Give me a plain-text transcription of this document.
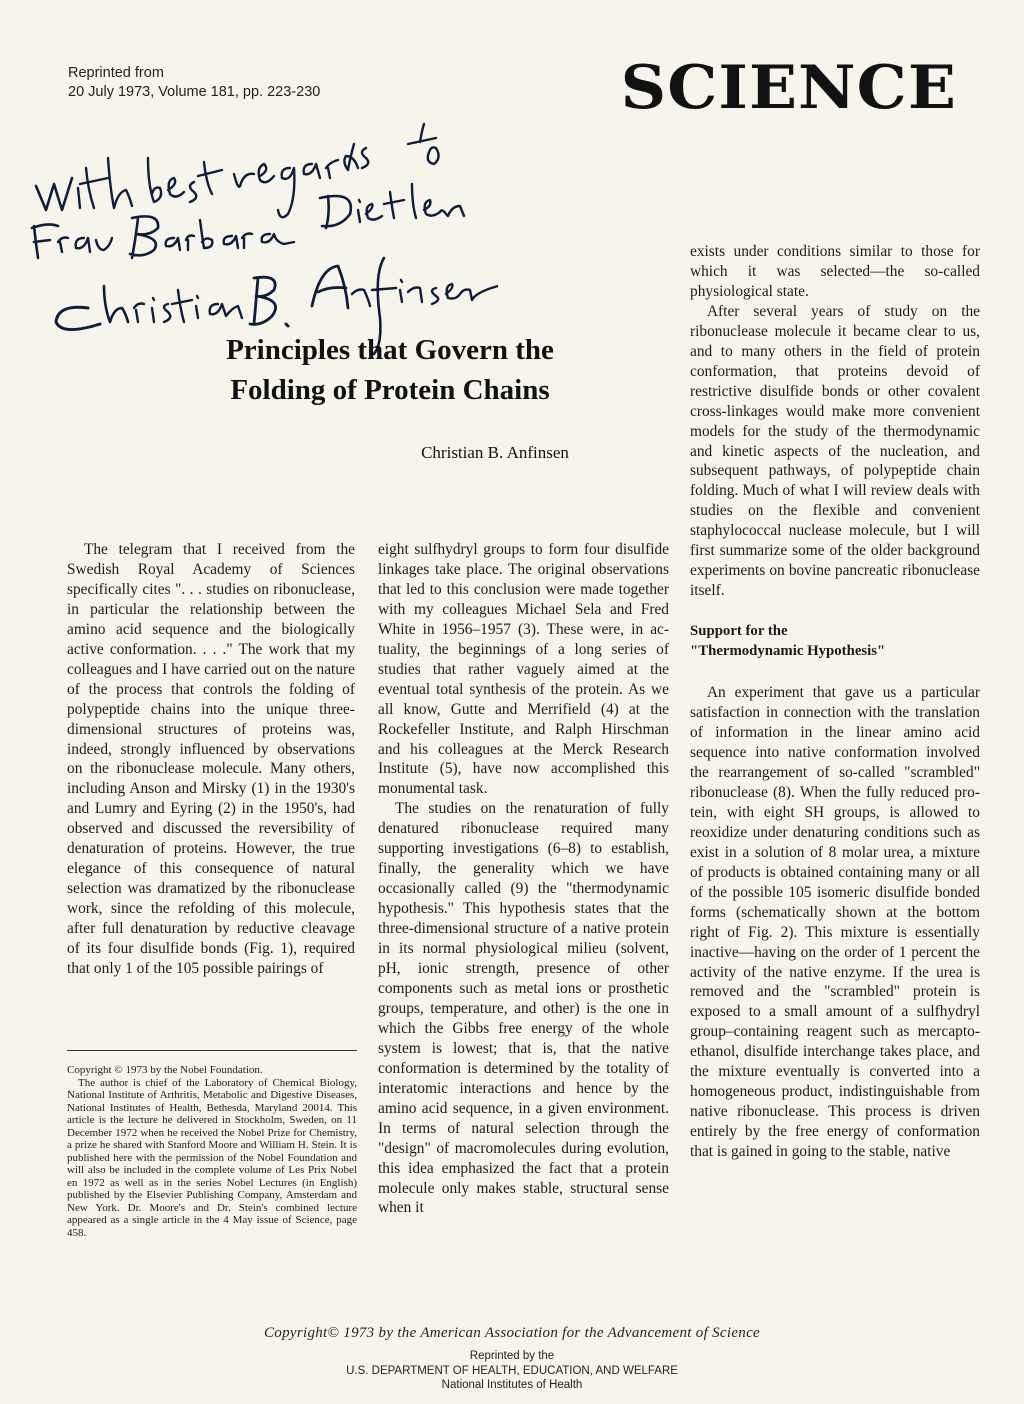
Reprinted from
20 July 1973, Volume 181, pp. 223-230	SCIENCE
Principles that Govern the
Folding of Protein Chains
Christian B. Anfinsen

The telegram that I received from the Swedish Royal Academy of Sciences specifically cites ". . . studies on ribonuclease, in particular the relationship between the amino acid sequence and the biologically active conformation. . . ." The work that my colleagues and I have carried out on the nature of the process that controls the folding of polypeptide chains into the unique three-dimensional structures of proteins was, indeed, strongly influenced by observations on the ribonuclease molecule. Many others, including Anson and Mirsky (1) in the 1930's and Lumry and Eyring (2) in the 1950's, had observed and discussed the reversibility of denaturation of proteins. However, the true elegance of this consequence of natural selection was dramatized by the ribonuclease work, since the refolding of this molecule, after full denaturation by reductive cleavage of its four disulfide bonds (Fig. 1), required that only 1 of the 105 possible pairings of

eight sulfhydryl groups to form four disulfide linkages take place. The original observations that led to this conclusion were made together with my colleagues Michael Sela and Fred White in 1956–1957 (3). These were, in actuality, the beginnings of a long series of studies that rather vaguely aimed at the eventual total synthesis of the protein. As we all know, Gutte and Merrifield (4) at the Rockefeller Institute, and Ralph Hirschman and his colleagues at the Merck Research Institute (5), have now accomplished this monumental task.

The studies on the renaturation of fully denatured ribonuclease required many supporting investigations (6–8) to establish, finally, the generality which we have occasionally called (9) the "thermodynamic hypothesis." This hypothesis states that the three-dimensional structure of a native protein in its normal physiological milieu (solvent, pH, ionic strength, presence of other components such as metal ions or prosthetic groups, temperature, and other) is the one in which the Gibbs free energy of the whole system is lowest; that is, that the native conformation is determined by the totality of interatomic interactions and hence by the amino acid sequence, in a given environment. In terms of natural selection through the "design" of macromolecules during evolution, this idea emphasized the fact that a protein molecule only makes stable, structural sense when it

exists under conditions similar to those for which it was selected—the so-called physiological state.

After several years of study on the ribonuclease molecule it became clear to us, and to many others in the field of protein conformation, that proteins devoid of restrictive disulfide bonds or other covalent cross-linkages would make more convenient models for the study of the thermodynamic and kinetic aspects of the nucleation, and subsequent pathways, of polypeptide chain folding. Much of what I will review deals with studies on the flexible and convenient staphylococcal nuclease molecule, but I will first summarize some of the older background experiments on bovine pancreatic ribonuclease itself.

Support for the
"Thermodynamic Hypothesis"

An experiment that gave us a particular satisfaction in connection with the translation of information in the linear amino acid sequence into native conformation involved the rearrangement of so-called "scrambled" ribonuclease (8). When the fully reduced protein, with eight SH groups, is allowed to reoxidize under denaturing conditions such as exist in a solution of 8 molar urea, a mixture of products is obtained containing many or all of the possible 105 isomeric disulfide bonded forms (schematically shown at the bottom right of Fig. 2). This mixture is essentially inactive—having on the order of 1 percent the activity of the native enzyme. If the urea is removed and the "scrambled" protein is exposed to a small amount of a sulfhydryl group–containing reagent such as mercaptoethanol, disulfide interchange takes place, and the mixture eventually is converted into a homogeneous product, indistinguishable from native ribonuclease. This process is driven entirely by the free energy of conformation that is gained in going to the stable, native

Copyright © 1973 by the Nobel Foundation.

The author is chief of the Laboratory of Chemical Biology, National Institute of Arthritis, Metabolic and Digestive Diseases, National Institutes of Health, Bethesda, Maryland 20014. This article is the lecture he delivered in Stockholm, Sweden, on 11 December 1972 when he received the Nobel Prize for Chemistry, a prize he shared with Stanford Moore and William H. Stein. It is published here with the permission of the Nobel Foundation and will also be included in the complete volume of Les Prix Nobel en 1972 as well as in the series Nobel Lectures (in English) published by the Elsevier Publishing Company, Amsterdam and New York. Dr. Moore's and Dr. Stein's combined lecture appeared as a single article in the 4 May issue of Science, page 458.

Copyright© 1973 by the American Association for the Advancement of Science
Reprinted by the
U.S. DEPARTMENT OF HEALTH, EDUCATION, AND WELFARE
National Institutes of Health
